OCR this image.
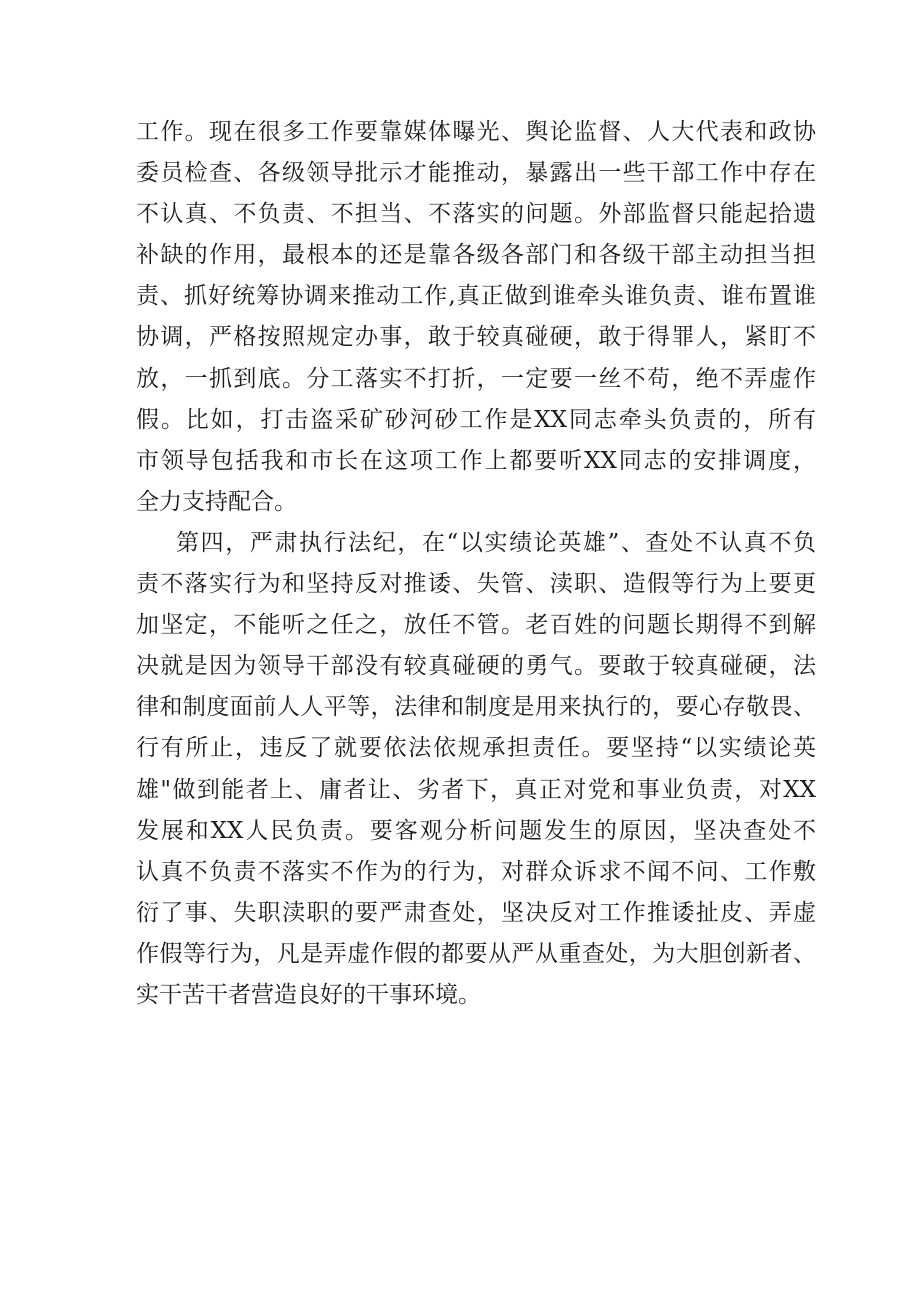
工作。现在很多工作要靠媒体曝光、舆论监督、人大代表和政协
委员检查、各级领导批示才能推动，暴露出一些干部工作中存在
不认真、不负责、不担当、不落实的问题。外部监督只能起拾遗
补缺的作用，最根本的还是靠各级各部门和各级干部主动担当担
责、抓好统筹协调来推动工作,真正做到谁牵头谁负责、谁布置谁
协调，严格按照规定办事，敢于较真碰硬，敢于得罪人，紧盯不
放，一抓到底。分工落实不打折，一定要一丝不苟，绝不弄虚作
假。比如，打击盗采矿砂河砂工作是XX同志牵头负责的，所有
市领导包括我和市长在这项工作上都要听XX同志的安排调度，
全力支持配合。
第四，严肃执行法纪，在“以实绩论英雄”、查处不认真不负
责不落实行为和坚持反对推诿、失管、渎职、造假等行为上要更
加坚定，不能听之任之，放任不管。老百姓的问题长期得不到解
决就是因为领导干部没有较真碰硬的勇气。要敢于较真碰硬，法
律和制度面前人人平等，法律和制度是用来执行的，要心存敬畏、
行有所止，违反了就要依法依规承担责任。要坚持“以实绩论英
雄"做到能者上、庸者让、劣者下，真正对党和事业负责，对XX
发展和XX人民负责。要客观分析问题发生的原因，坚决查处不
认真不负责不落实不作为的行为，对群众诉求不闻不问、工作敷
衍了事、失职渎职的要严肃查处，坚决反对工作推诿扯皮、弄虚
作假等行为，凡是弄虚作假的都要从严从重查处，为大胆创新者、
实干苦干者营造良好的干事环境。
